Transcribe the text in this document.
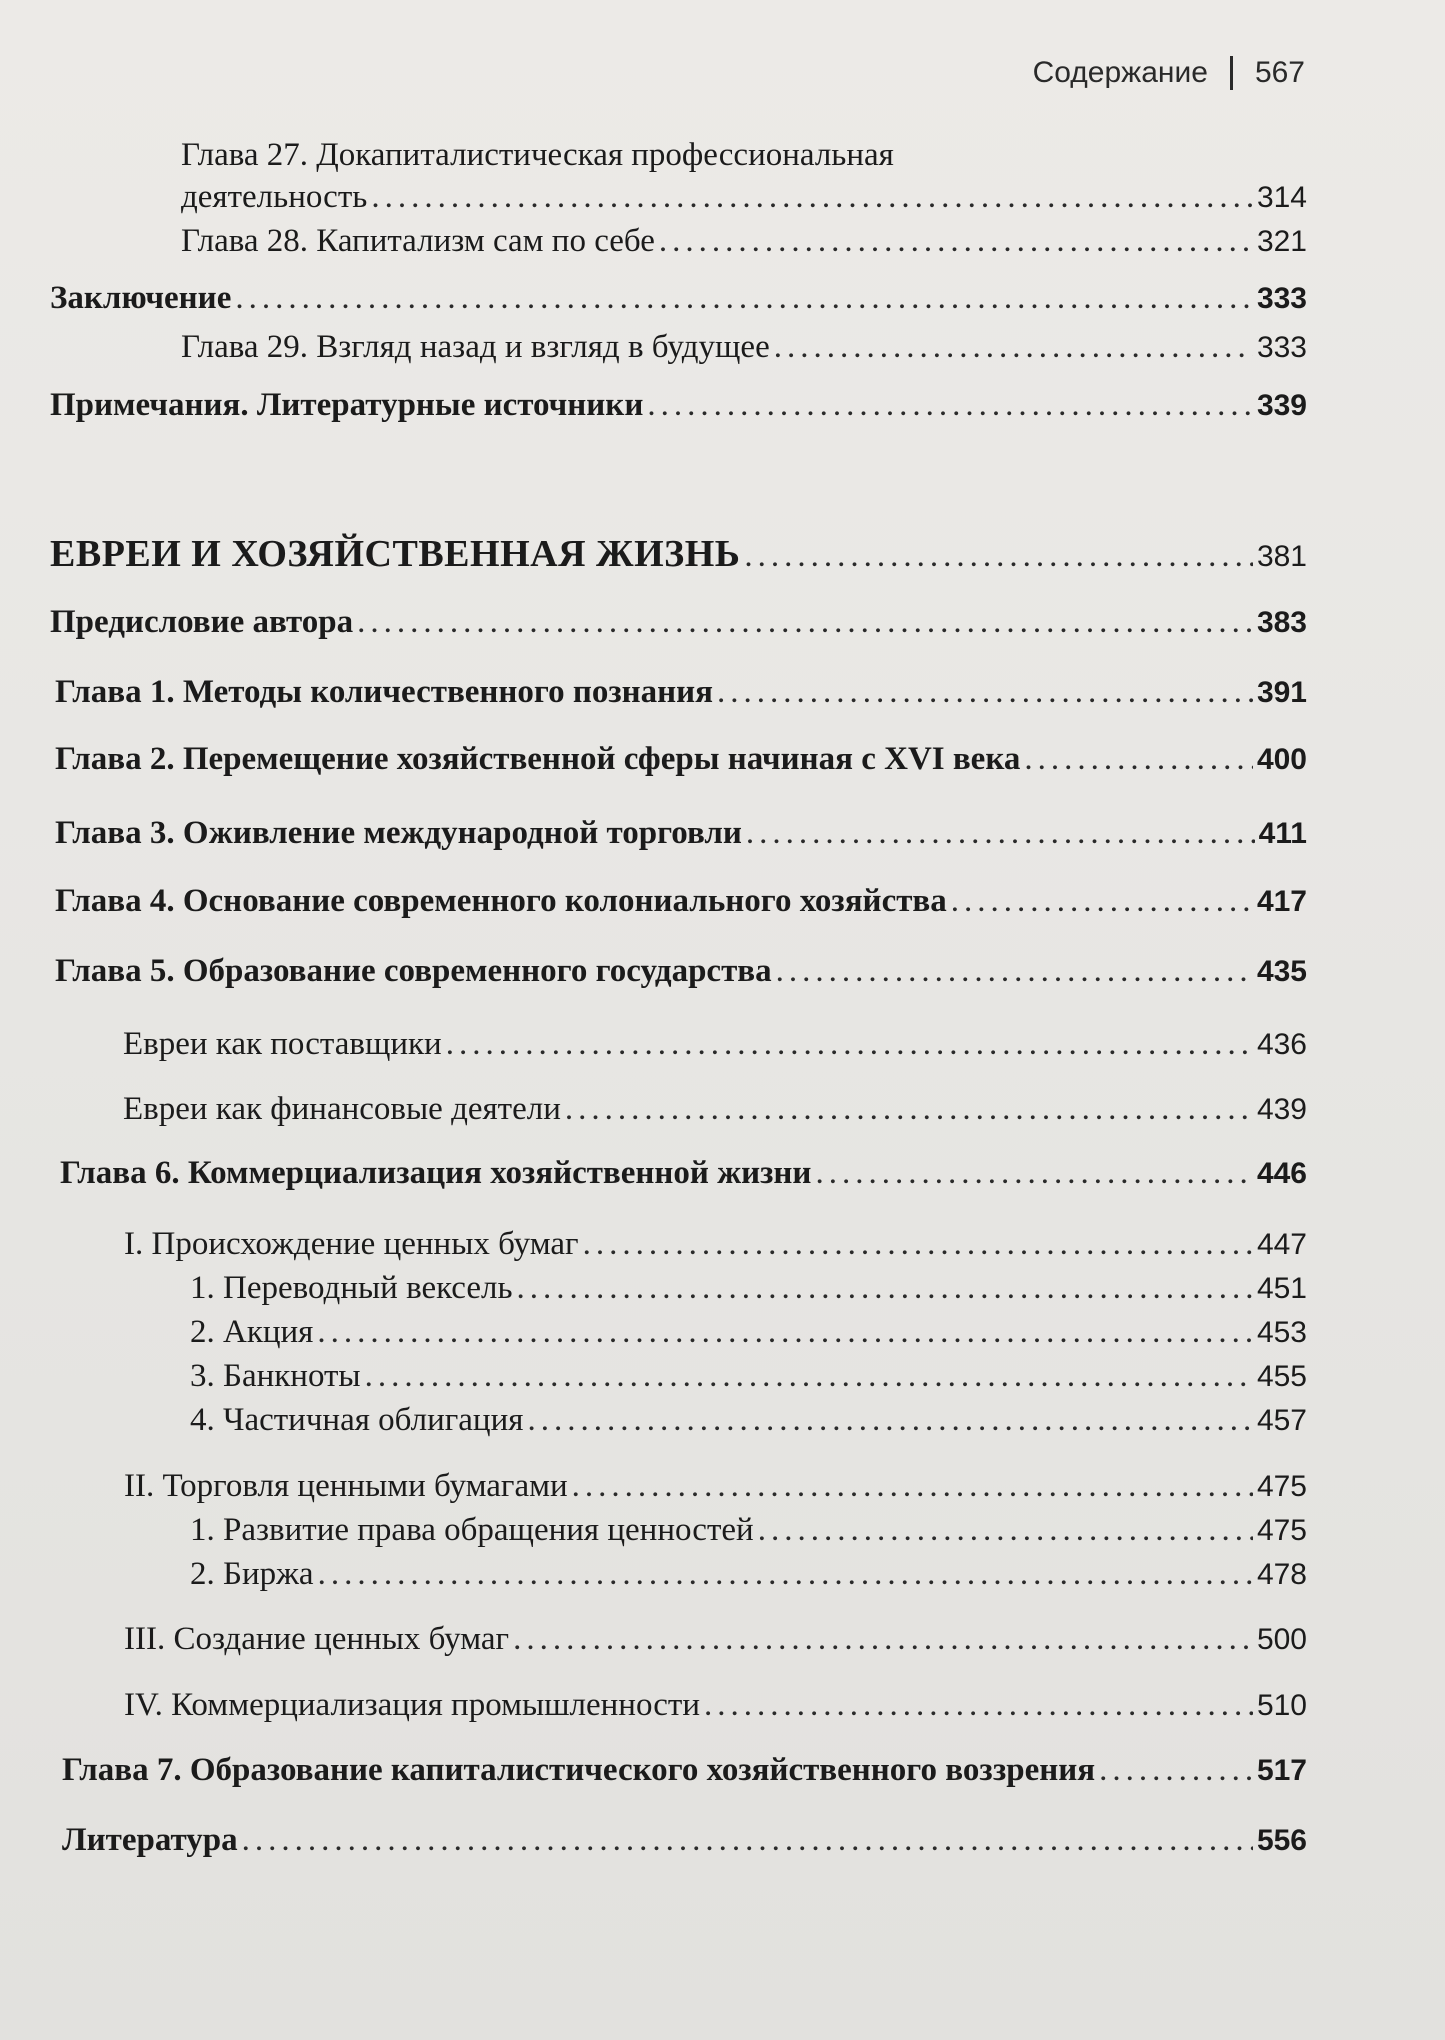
Содержание 567
Глава 27. Докапиталистическая профессиональная
деятельность .....	314
Глава 28. Капитализм сам по себе .....	321
Заключение .....	333
Глава 29. Взгляд назад и взгляд в будущее .....	333
Примечания. Литературные источники .....	339
ЕВРЕИ И ХОЗЯЙСТВЕННАЯ ЖИЗНЬ .....	381
Предисловие автора .....	383
Глава 1. Методы количественного познания .....	391
Глава 2. Перемещение хозяйственной сферы начиная с XVI века .....	400
Глава 3. Оживление международной торговли .....	411
Глава 4. Основание современного колониального хозяйства .....	417
Глава 5. Образование современного государства .....	435
Евреи как поставщики .....	436
Евреи как финансовые деятели .....	439
Глава 6. Коммерциализация хозяйственной жизни .....	446
I. Происхождение ценных бумаг .....	447
1. Переводный вексель .....	451
2. Акция .....	453
3. Банкноты .....	455
4. Частичная облигация .....	457
II. Торговля ценными бумагами .....	475
1. Развитие права обращения ценностей .....	475
2. Биржа .....	478
III. Создание ценных бумаг .....	500
IV. Коммерциализация промышленности .....	510
Глава 7. Образование капиталистического хозяйственного воззрения .....	517
Литература .....	556
